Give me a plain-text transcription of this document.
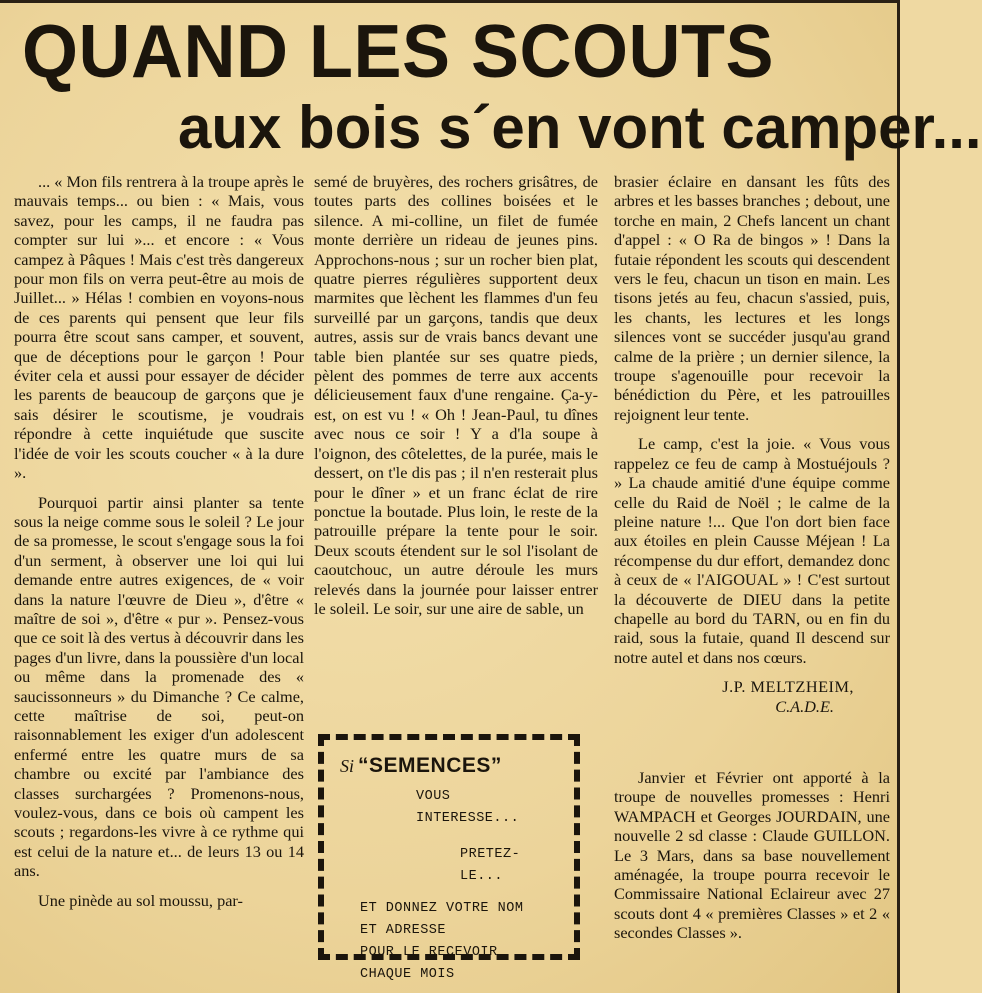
QUAND LES SCOUTS
aux bois s´en vont camper...

... « Mon fils rentrera à la troupe après le mauvais temps... ou bien : « Mais, vous savez, pour les camps, il ne faudra pas compter sur lui »... et encore : « Vous campez à Pâques ! Mais c'est très dangereux pour mon fils on verra peut-être au mois de Juillet... » Hélas ! combien en voyons-nous de ces parents qui pensent que leur fils pourra être scout sans camper, et souvent, que de déceptions pour le garçon ! Pour éviter cela et aussi pour essayer de décider les parents de beaucoup de garçons que je sais désirer le scoutisme, je voudrais répondre à cette inquiétude que suscite l'idée de voir les scouts coucher « à la dure ».

Pourquoi partir ainsi planter sa tente sous la neige comme sous le soleil ? Le jour de sa promesse, le scout s'engage sous la foi d'un serment, à observer une loi qui lui demande entre autres exigences, de « voir dans la nature l'œuvre de Dieu », d'être « maître de soi », d'être « pur ». Pensez-vous que ce soit là des vertus à découvrir dans les pages d'un livre, dans la poussière d'un local ou même dans la promenade des « saucissonneurs » du Dimanche ? Ce calme, cette maîtrise de soi, peut-on raisonnablement les exiger d'un adolescent enfermé entre les quatre murs de sa chambre ou excité par l'ambiance des classes surchargées ? Promenons-nous, voulez-vous, dans ce bois où campent les scouts ; regardons-les vivre à ce rythme qui est celui de la nature et... de leurs 13 ou 14 ans.

Une pinède au sol moussu, par-

semé de bruyères, des rochers grisâtres, de toutes parts des collines boisées et le silence. A mi-colline, un filet de fumée monte derrière un rideau de jeunes pins. Approchons-nous ; sur un rocher bien plat, quatre pierres régulières supportent deux marmites que lèchent les flammes d'un feu surveillé par un garçons, tandis que deux autres, assis sur de vrais bancs devant une table bien plantée sur ses quatre pieds, pèlent des pommes de terre aux accents délicieusement faux d'une rengaine. Ça-y-est, on est vu ! « Oh ! Jean-Paul, tu dînes avec nous ce soir ! Y a d'la soupe à l'oignon, des côtelettes, de la purée, mais le dessert, on t'le dis pas ; il n'en resterait plus pour le dîner » et un franc éclat de rire ponctue la boutade. Plus loin, le reste de la patrouille prépare la tente pour le soir. Deux scouts étendent sur le sol l'isolant de caoutchouc, un autre déroule les murs relevés dans la journée pour laisser entrer le soleil. Le soir, sur une aire de sable, un

Si “SEMENCES”
VOUS INTERESSE...
PRETEZ-LE...
ET DONNEZ VOTRE NOM
ET ADRESSE
POUR LE RECEVOIR
CHAQUE MOIS

brasier éclaire en dansant les fûts des arbres et les basses branches ; debout, une torche en main, 2 Chefs lancent un chant d'appel : « O Ra de bingos » ! Dans la futaie répondent les scouts qui descendent vers le feu, chacun un tison en main. Les tisons jetés au feu, chacun s'assied, puis, les chants, les lectures et les longs silences vont se succéder jusqu'au grand calme de la prière ; un dernier silence, la troupe s'agenouille pour recevoir la bénédiction du Père, et les patrouilles rejoignent leur tente.

Le camp, c'est la joie. « Vous vous rappelez ce feu de camp à Mostuéjouls ? » La chaude amitié d'une équipe comme celle du Raid de Noël ; le calme de la pleine nature !... Que l'on dort bien face aux étoiles en plein Causse Méjean ! La récompense du dur effort, demandez donc à ceux de « l'AIGOUAL » ! C'est surtout la découverte de DIEU dans la petite chapelle au bord du TARN, ou en fin du raid, sous la futaie, quand Il descend sur notre autel et dans nos cœurs.

J.P. MELTZHEIM,
C.A.D.E.

Janvier et Février ont apporté à la troupe de nouvelles promesses : Henri WAMPACH et Georges JOURDAIN, une nouvelle 2 sd classe : Claude GUILLON. Le 3 Mars, dans sa base nouvellement aménagée, la troupe pourra recevoir le Commissaire National Eclaireur avec 27 scouts dont 4 « premières Classes » et 2 « secondes Classes ».
